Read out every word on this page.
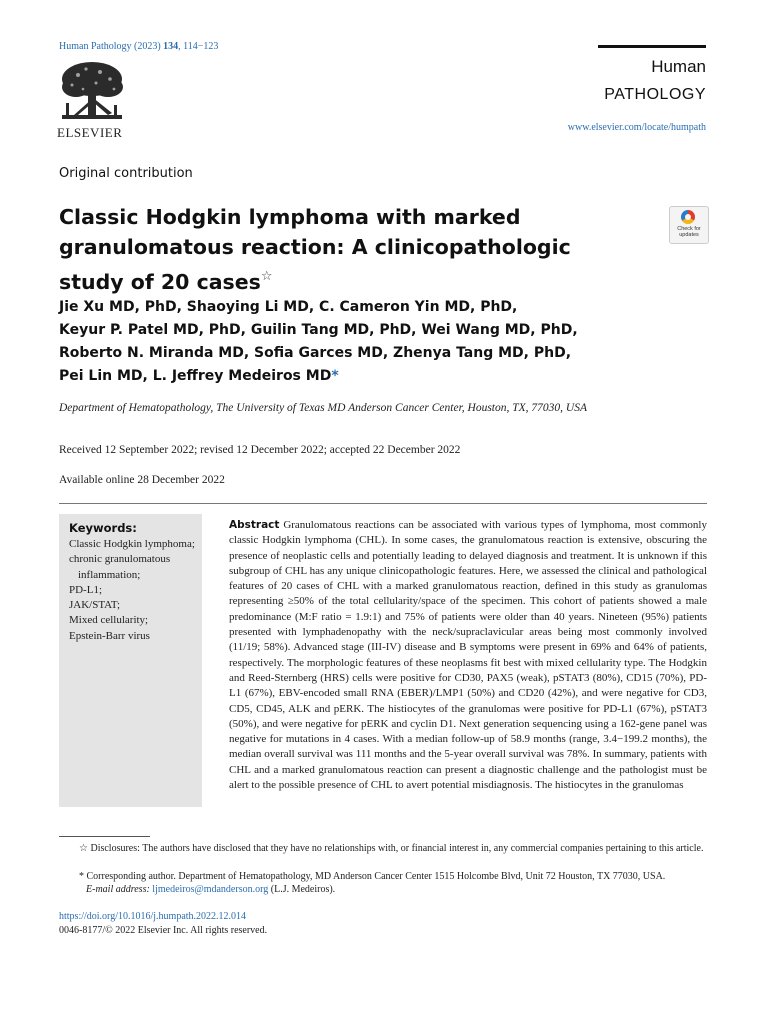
Human Pathology (2023) 134, 114−123
ELSEVIER
Human
PATHOLOGY
www.elsevier.com/locate/humpath
Original contribution
Classic Hodgkin lymphoma with marked granulomatous reaction: A clinicopathologic study of 20 cases☆
Check for updates
Jie Xu MD, PhD, Shaoying Li MD, C. Cameron Yin MD, PhD,
Keyur P. Patel MD, PhD, Guilin Tang MD, PhD, Wei Wang MD, PhD,
Roberto N. Miranda MD, Sofia Garces MD, Zhenya Tang MD, PhD,
Pei Lin MD, L. Jeffrey Medeiros MD*
Department of Hematopathology, The University of Texas MD Anderson Cancer Center, Houston, TX, 77030, USA
Received 12 September 2022; revised 12 December 2022; accepted 22 December 2022
Available online 28 December 2022
Keywords:
Classic Hodgkin lymphoma;
chronic granulomatous inflammation;
PD-L1;
JAK/STAT;
Mixed cellularity;
Epstein-Barr virus
Abstract Granulomatous reactions can be associated with various types of lymphoma, most commonly classic Hodgkin lymphoma (CHL). In some cases, the granulomatous reaction is extensive, obscuring the presence of neoplastic cells and potentially leading to delayed diagnosis and treatment. It is unknown if this subgroup of CHL has any unique clinicopathologic features. Here, we assessed the clinical and pathological features of 20 cases of CHL with a marked granulomatous reaction, defined in this study as granulomas representing ≥50% of the total cellularity/space of the specimen. This cohort of patients showed a male predominance (M:F ratio = 1.9:1) and 75% of patients were older than 40 years. Nineteen (95%) patients presented with lymphadenopathy with the neck/supraclavicular areas being most commonly involved (11/19; 58%). Advanced stage (III-IV) disease and B symptoms were present in 69% and 64% of patients, respectively. The morphologic features of these neoplasms fit best with mixed cellularity type. The Hodgkin and Reed-Sternberg (HRS) cells were positive for CD30, PAX5 (weak), pSTAT3 (80%), CD15 (70%), PD-L1 (67%), EBV-encoded small RNA (EBER)/LMP1 (50%) and CD20 (42%), and were negative for CD3, CD5, CD45, ALK and pERK. The histiocytes of the granulomas were positive for PD-L1 (67%), pSTAT3 (50%), and were negative for pERK and cyclin D1. Next generation sequencing using a 162-gene panel was negative for mutations in 4 cases. With a median follow-up of 58.9 months (range, 3.4−199.2 months), the median overall survival was 111 months and the 5-year overall survival was 78%. In summary, patients with CHL and a marked granulomatous reaction can present a diagnostic challenge and the pathologist must be alert to the possible presence of CHL to avert potential misdiagnosis. The histiocytes in the granulomas
☆ Disclosures: The authors have disclosed that they have no relationships with, or financial interest in, any commercial companies pertaining to this article.
* Corresponding author. Department of Hematopathology, MD Anderson Cancer Center 1515 Holcombe Blvd, Unit 72 Houston, TX 77030, USA.
E-mail address: ljmedeiros@mdanderson.org (L.J. Medeiros).
https://doi.org/10.1016/j.humpath.2022.12.014
0046-8177/© 2022 Elsevier Inc. All rights reserved.
